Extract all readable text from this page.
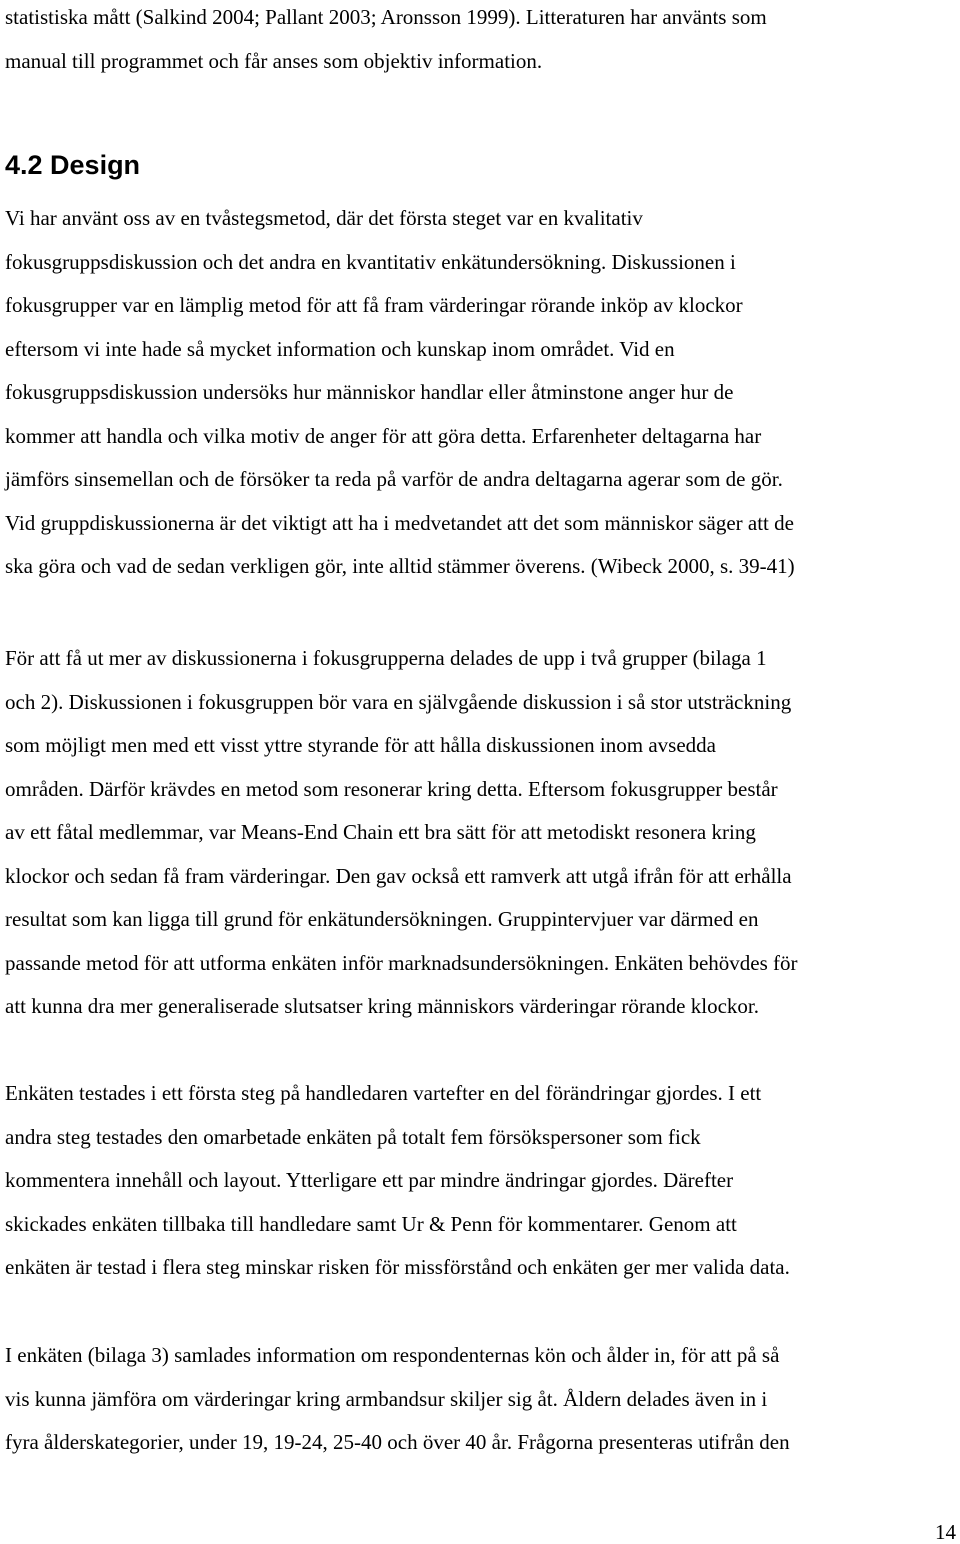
statistiska mått (Salkind 2004; Pallant 2003; Aronsson 1999). Litteraturen har använts som
manual till programmet och får anses som objektiv information.
4.2 Design
Vi har använt oss av en tvåstegsmetod, där det första steget var en kvalitativ
fokusgruppsdiskussion och det andra en kvantitativ enkätundersökning. Diskussionen i
fokusgrupper var en lämplig metod för att få fram värderingar rörande inköp av klockor
eftersom vi inte hade så mycket information och kunskap inom området. Vid en
fokusgruppsdiskussion undersöks hur människor handlar eller åtminstone anger hur de
kommer att handla och vilka motiv de anger för att göra detta. Erfarenheter deltagarna har
jämförs sinsemellan och de försöker ta reda på varför de andra deltagarna agerar som de gör.
Vid gruppdiskussionerna är det viktigt att ha i medvetandet att det som människor säger att de
ska göra och vad de sedan verkligen gör, inte alltid stämmer överens. (Wibeck 2000, s. 39-41)
För att få ut mer av diskussionerna i fokusgrupperna delades de upp i två grupper (bilaga 1
och 2). Diskussionen i fokusgruppen bör vara en självgående diskussion i så stor utsträckning
som möjligt men med ett visst yttre styrande för att hålla diskussionen inom avsedda
områden. Därför krävdes en metod som resonerar kring detta. Eftersom fokusgrupper består
av ett fåtal medlemmar, var Means-End Chain ett bra sätt för att metodiskt resonera kring
klockor och sedan få fram värderingar. Den gav också ett ramverk att utgå ifrån för att erhålla
resultat som kan ligga till grund för enkätundersökningen. Gruppintervjuer var därmed en
passande metod för att utforma enkäten inför marknadsundersökningen. Enkäten behövdes för
att kunna dra mer generaliserade slutsatser kring människors värderingar rörande klockor.
Enkäten testades i ett första steg på handledaren vartefter en del förändringar gjordes. I ett
andra steg testades den omarbetade enkäten på totalt fem försökspersoner som fick
kommentera innehåll och layout. Ytterligare ett par mindre ändringar gjordes. Därefter
skickades enkäten tillbaka till handledare samt Ur & Penn för kommentarer. Genom att
enkäten är testad i flera steg minskar risken för missförstånd och enkäten ger mer valida data.
I enkäten (bilaga 3) samlades information om respondenternas kön och ålder in, för att på så
vis kunna jämföra om värderingar kring armbandsur skiljer sig åt. Åldern delades även in i
fyra ålderskategorier, under 19, 19-24, 25-40 och över 40 år. Frågorna presenteras utifrån den
14
